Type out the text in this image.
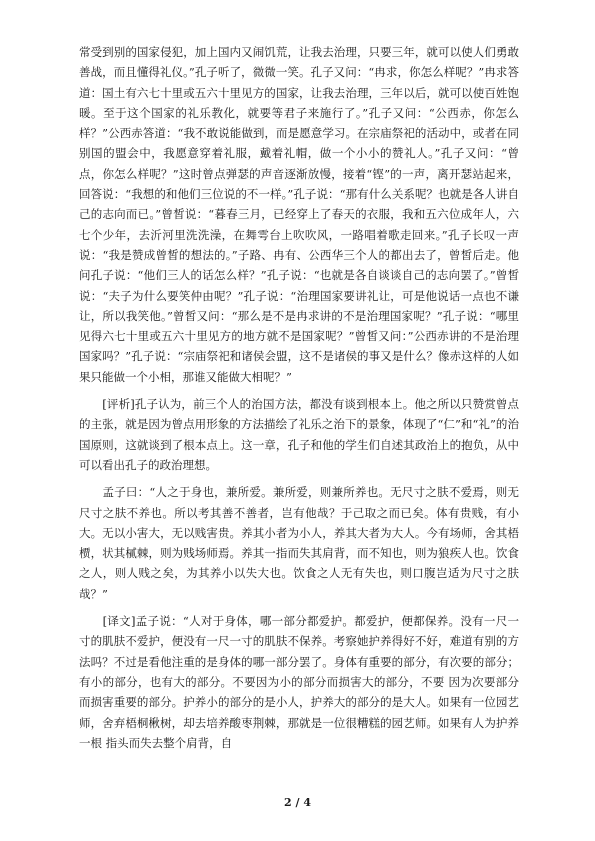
常受到别的国家侵犯，加上国内又闹饥荒，让我去治理，只要三年，就可以使人们勇敢善战，而且懂得礼仪。”孔子听了，微微一笑。孔子又问：“冉求，你怎么样呢？”冉求答道：国土有六七十里或五六十里见方的国家，让我去治理，三年以后，就可以使百姓饱暖。至于这个国家的礼乐教化，就要等君子来施行了。”孔子又问：“公西赤，你怎么样？”公西赤答道：“我不敢说能做到，而是愿意学习。在宗庙祭祀的活动中，或者在同别国的盟会中，我愿意穿着礼服，戴着礼帽，做一个小小的赞礼人。”孔子又问：“曾点，你怎么样呢？”这时曾点弹瑟的声音逐渐放慢，接着“铿”的一声，离开瑟站起来，回答说：“我想的和他们三位说的不一样。”孔子说：“那有什么关系呢？也就是各人讲自己的志向而已。”曾皙说：“暮春三月，已经穿上了春天的衣服，我和五六位成年人，六七个少年，去沂河里洗洗澡，在舞雩台上吹吹风，一路唱着歌走回来。”孔子长叹一声说：“我是赞成曾皙的想法的。”子路、冉有、公西华三个人的都出去了，曾皙后走。他问孔子说：“他们三人的话怎么样？”孔子说：“也就是各自谈谈自己的志向罢了。”曾皙说：“夫子为什么要笑仲由呢？”孔子说：“治理国家要讲礼让，可是他说话一点也不谦让，所以我笑他。”曾皙又问：“那么是不是冉求讲的不是治理国家呢？”孔子说：“哪里见得六七十里或五六十里见方的地方就不是国家呢？”曾皙又问：”公西赤讲的不是治理国家吗？”孔子说：“宗庙祭祀和诸侯会盟，这不是诸侯的事又是什么？像赤这样的人如果只能做一个小相，那谁又能做大相呢？”

　　[评析]孔子认为，前三个人的治国方法，都没有谈到根本上。他之所以只赞赏曾点的主张，就是因为曾点用形象的方法描绘了礼乐之治下的景象，体现了“仁”和“礼”的治国原则，这就谈到了根本点上。这一章，孔子和他的学生们自述其政治上的抱负，从中可以看出孔子的政治理想。

　　孟子曰：“人之于身也，兼所爱。兼所爱，则兼所养也。无尺寸之肤不爱焉，则无尺寸之肤不养也。所以考其善不善者，岂有他哉？于己取之而已矣。体有贵贱，有小大。无以小害大，无以贱害贵。养其小者为小人，养其大者为大人。今有场师，舍其梧槚，状其樲棘，则为贱场师焉。养其一指而失其肩背，而不知也，则为狼疾人也。饮食之人，则人贱之矣，为其养小以失大也。饮食之人无有失也，则口腹岂适为尺寸之肤哉？”

　　[译文]孟子说：“人对于身体，哪一部分都爱护。都爱护，便都保养。没有一尺一寸的肌肤不爱护，便没有一尺一寸的肌肤不保养。考察她护养得好不好，难道有别的方法吗？不过是看他注重的是身体的哪一部分罢了。身体有重要的部分，有次要的部分；有小的部分，也有大的部分。不要因为小的部分而损害大的部分，不要 因为次要部分而损害重要的部分。护养小的部分的是小人，护养大的部分的是大人。如果有一位园艺师，舍弃梧桐楸树，却去培养酸枣荆棘，那就是一位很糟糕的园艺师。如果有人为护养一根 指头而失去整个肩背，自

2 / 4
